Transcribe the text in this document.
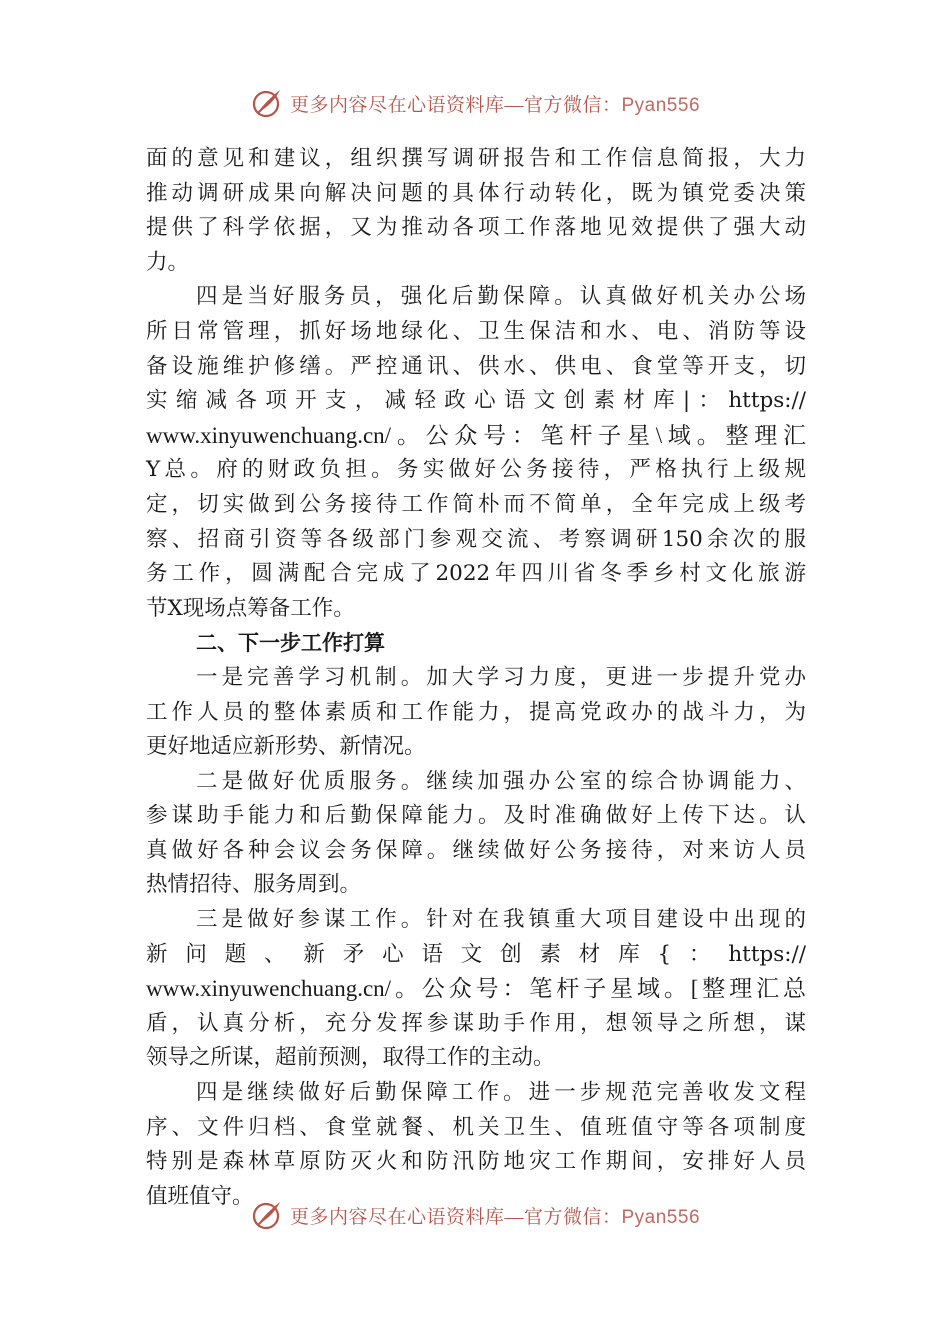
更多内容尽在心语资料库—官方微信：Pyan556
面的意见和建议，组织撰写调研报告和工作信息简报，大力
推动调研成果向解决问题的具体行动转化，既为镇党委决策
提供了科学依据，又为推动各项工作落地见效提供了强大动
力。
四是当好服务员，强化后勤保障。认真做好机关办公场
所日常管理，抓好场地绿化、卫生保洁和水、电、消防等设
备设施维护修缮。严控通讯、供水、供电、食堂等开支，切
实缩减各项开支，减轻政心语文创素材库|：https://
www.xinyuwenchuang.cn/。公众号：笔杆子星\域。整理汇
Y总。府的财政负担。务实做好公务接待，严格执行上级规
定，切实做到公务接待工作简朴而不简单，全年完成上级考
察、招商引资等各级部门参观交流、考察调研150余次的服
务工作，圆满配合完成了2022年四川省冬季乡村文化旅游
节X现场点筹备工作。
二、下一步工作打算
一是完善学习机制。加大学习力度，更进一步提升党办
工作人员的整体素质和工作能力，提高党政办的战斗力，为
更好地适应新形势、新情况。
二是做好优质服务。继续加强办公室的综合协调能力、
参谋助手能力和后勤保障能力。及时准确做好上传下达。认
真做好各种会议会务保障。继续做好公务接待，对来访人员
热情招待、服务周到。
三是做好参谋工作。针对在我镇重大项目建设中出现的
新问题、新矛心语文创素材库{：https://
www.xinyuwenchuang.cn/。公众号：笔杆子星域。[整理汇总
盾，认真分析，充分发挥参谋助手作用，想领导之所想，谋
领导之所谋，超前预测，取得工作的主动。
四是继续做好后勤保障工作。进一步规范完善收发文程
序、文件归档、食堂就餐、机关卫生、值班值守等各项制度
特别是森林草原防灭火和防汛防地灾工作期间，安排好人员
值班值守。
更多内容尽在心语资料库—官方微信：Pyan556
